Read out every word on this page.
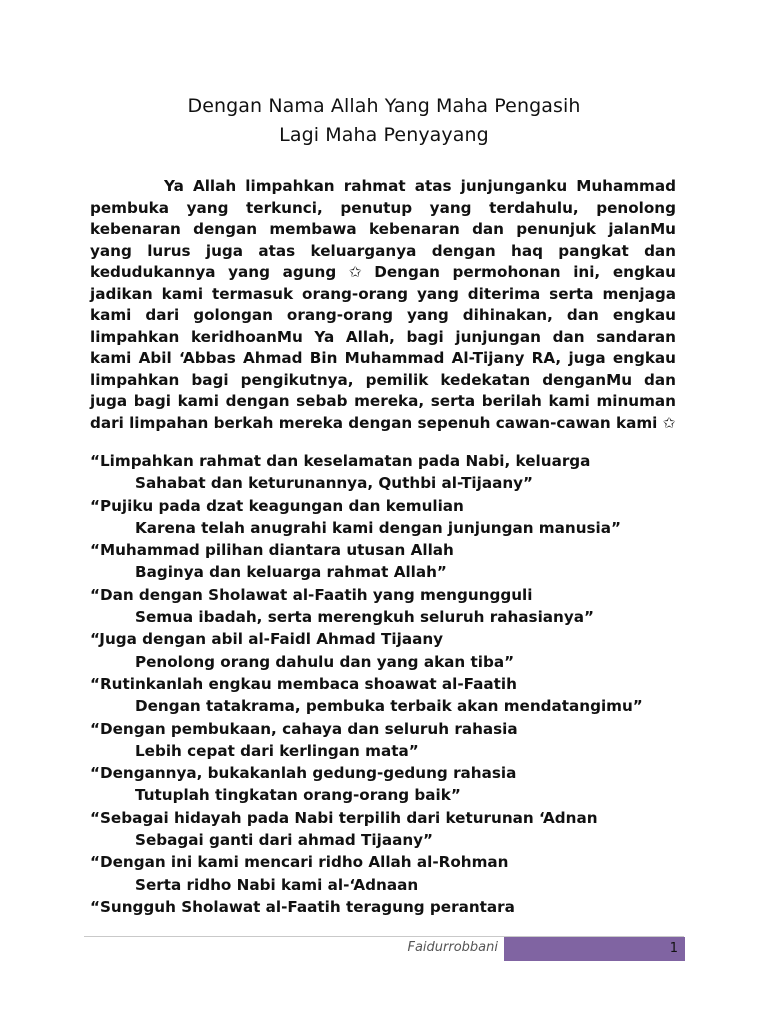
Dengan Nama Allah Yang Maha Pengasih
Lagi Maha Penyayang

Ya Allah limpahkan rahmat atas junjunganku Muhammad pembuka yang terkunci, penutup yang terdahulu, penolong kebenaran dengan membawa kebenaran dan penunjuk jalanMu yang lurus juga atas keluarganya dengan haq pangkat dan kedudukannya yang agung ✩ Dengan permohonan ini, engkau jadikan kami termasuk orang-orang yang diterima serta menjaga kami dari golongan orang-orang yang dihinakan, dan engkau limpahkan keridhoanMu Ya Allah, bagi junjungan dan sandaran kami Abil ‘Abbas Ahmad Bin Muhammad Al-Tijany RA, juga engkau limpahkan bagi pengikutnya, pemilik kedekatan denganMu dan juga bagi kami dengan sebab mereka, serta berilah kami minuman dari limpahan berkah mereka dengan sepenuh cawan-cawan kami ✩

“Limpahkan rahmat dan keselamatan pada Nabi, keluarga
Sahabat dan keturunannya, Quthbi al-Tijaany”
“Pujiku pada dzat keagungan dan kemulian
Karena telah anugrahi kami dengan junjungan manusia”
“Muhammad pilihan diantara utusan Allah
Baginya dan keluarga rahmat Allah”
“Dan dengan Sholawat al-Faatih yang mengungguli
Semua ibadah, serta merengkuh seluruh rahasianya”
“Juga dengan abil al-Faidl Ahmad Tijaany
Penolong orang dahulu dan yang akan tiba”
“Rutinkanlah engkau membaca shoawat al-Faatih
Dengan tatakrama, pembuka terbaik akan mendatangimu”
“Dengan pembukaan, cahaya dan seluruh rahasia
Lebih cepat dari kerlingan mata”
“Dengannya, bukakanlah gedung-gedung rahasia
Tutuplah tingkatan orang-orang baik”
“Sebagai hidayah pada Nabi terpilih dari keturunan ‘Adnan
Sebagai ganti dari ahmad Tijaany”
“Dengan ini kami mencari ridho Allah al-Rohman
Serta ridho Nabi kami al-‘Adnaan
“Sungguh Sholawat al-Faatih teragung perantara
Faidurrobbani	1
